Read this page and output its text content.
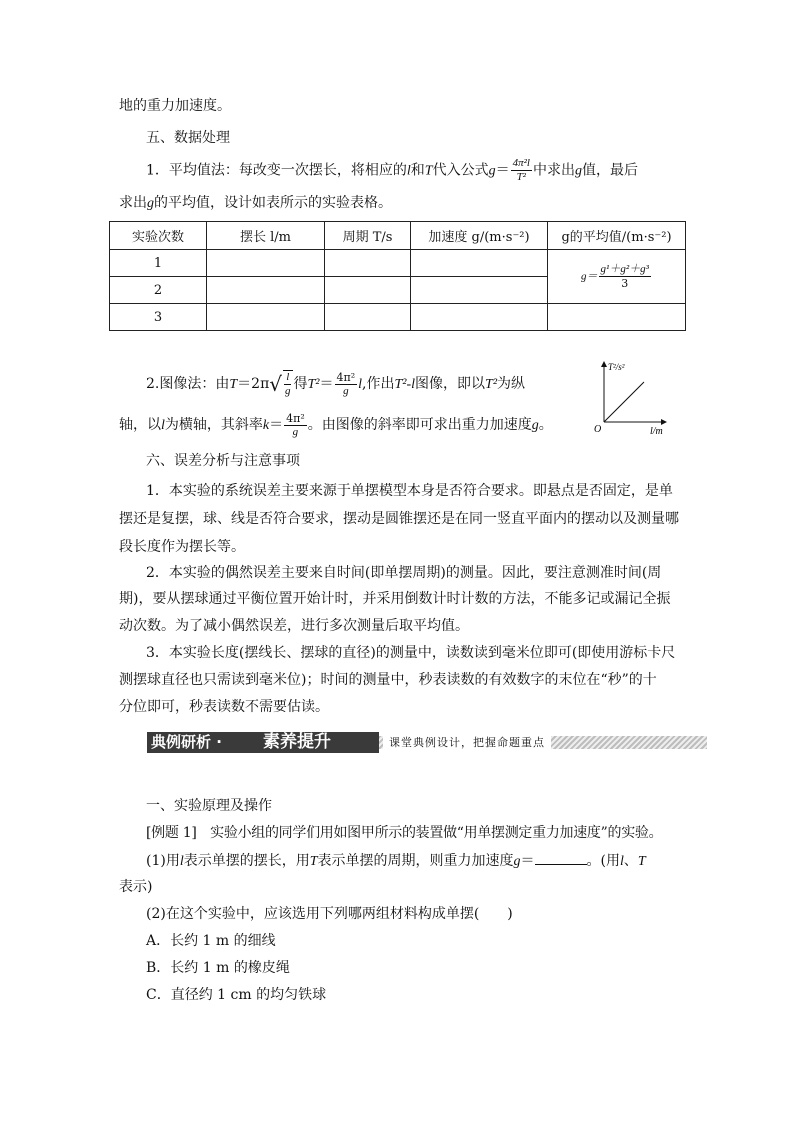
地的重力加速度。
五、数据处理
1．平均值法：每改变一次摆长，将相应的l和T代入公式$g= \frac{\text{4π²l}}{\text{T²}}$ 中求出g值，最后
求出g的平均值，设计如表所示的实验表格。
实验次数	摆长 l/m	周期 T/s	加速度 g/(m·s⁻²)	g的平均值/(m·s⁻²)
1				$g= \frac{\text{g¹＋g²＋g³}}{3}$

2				
3				
2.图像法：由$T=2\pi√ \frac{l}{g}$ 得$T^2= \frac{\text{4π²}}{g} l$,作出T²-l图像，即以T²为纵
轴，以l为横轴，其斜率$k= \frac{\text{4π²}}{g}$ 。由图像的斜率即可求出重力加速度g。
T²/s²
l/m
O
六、误差分析与注意事项
1．本实验的系统误差主要来源于单摆模型本身是否符合要求。即悬点是否固定，是单
摆还是复摆，球、线是否符合要求，摆动是圆锥摆还是在同一竖直平面内的摆动以及测量哪
段长度作为摆长等。
2．本实验的偶然误差主要来自时间(即单摆周期)的测量。因此，要注意测准时间(周
期)，要从摆球通过平衡位置开始计时，并采用倒数计时计数的方法，不能多记或漏记全振
动次数。为了减小偶然误差，进行多次测量后取平均值。
3．本实验长度(摆线长、摆球的直径)的测量中，读数读到毫米位即可(即使用游标卡尺
测摆球直径也只需读到毫米位)；时间的测量中，秒表读数的有效数字的末位在“秒”的十
分位即可，秒表读数不需要估读。
典例研析 · 素养提升	课堂典例设计，把握命题重点
一、实验原理及操作
[例题 1]　实验小组的同学们用如图甲所示的装置做“用单摆测定重力加速度”的实验。
(1)用l表示单摆的摆长，用T表示单摆的周期，则重力加速度g＝	。(用l、T
表示)
(2)在这个实验中，应该选用下列哪两组材料构成单摆(　　)
A．长约 1 m 的细线
B．长约 1 m 的橡皮绳
C．直径约 1 cm 的均匀铁球
